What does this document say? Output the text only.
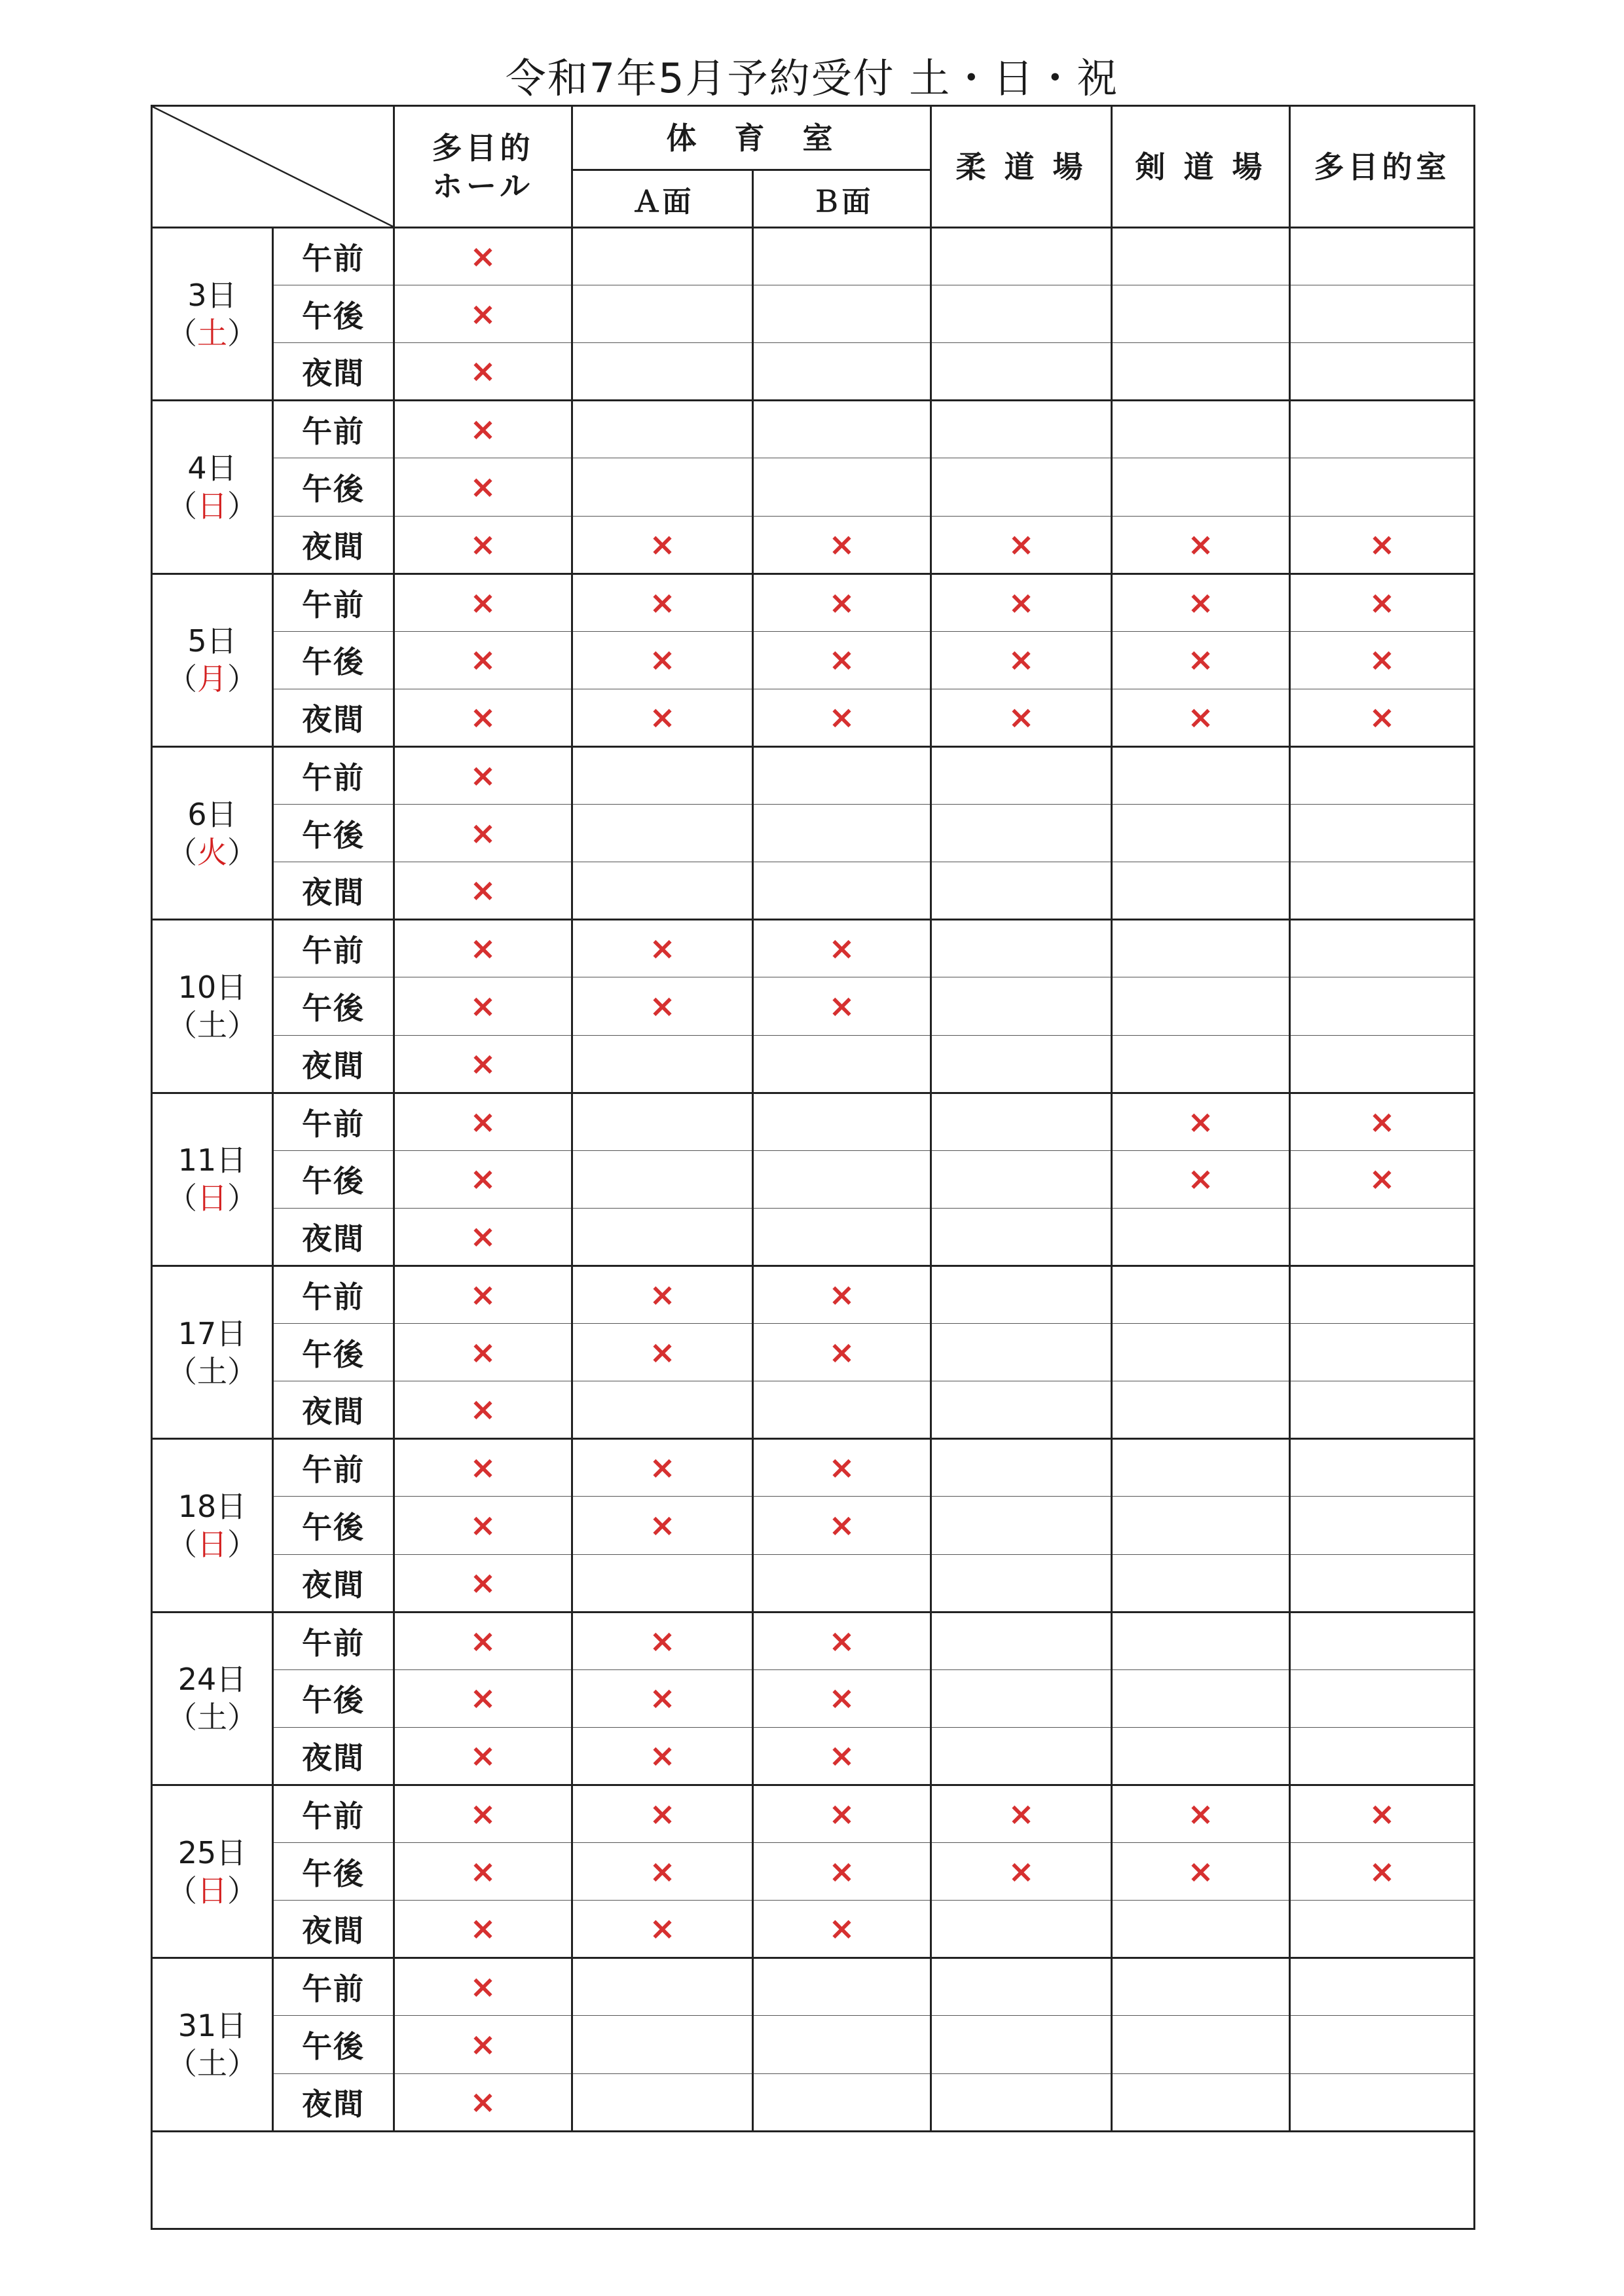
令和7年5月予約受付 土・日・祝

多目的
ホール	体　育　室		柔 道 場	剣 道 場	多目的室
			Ａ面	Ｂ面			

3日
（土）	午前	×					
	午後	×					
	夜間	×					

4日
（日）	午前	×					
	午後	×					
	夜間	×	×	×	×	×	×

5日
（月）	午前	×	×	×	×	×	×
	午後	×	×	×	×	×	×
	夜間	×	×	×	×	×	×

6日
（火）	午前	×					
	午後	×					
	夜間	×					

10日
（土）	午前	×	×	×			
	午後	×	×	×			
	夜間	×					

11日
（日）	午前	×				×	×
	午後	×				×	×
	夜間	×					

17日
（土）	午前	×	×	×			
	午後	×	×	×			
	夜間	×					

18日
（日）	午前	×	×	×			
	午後	×	×	×			
	夜間	×					

24日
（土）	午前	×	×	×			
	午後	×	×	×			
	夜間	×	×	×			

25日
（日）	午前	×	×	×	×	×	×
	午後	×	×	×	×	×	×
	夜間	×	×	×			

31日
（土）	午前	×					
	午後	×					
	夜間	×					
